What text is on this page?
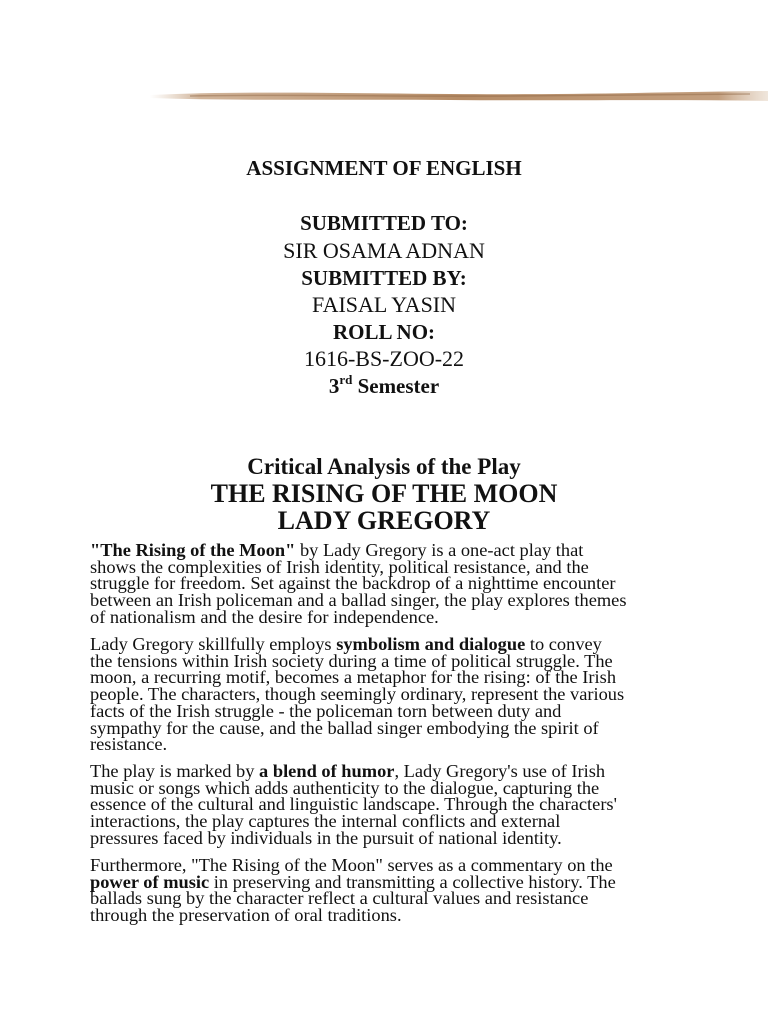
ASSIGNMENT OF ENGLISH
SUBMITTED TO:
SIR OSAMA ADNAN
SUBMITTED BY:
FAISAL YASIN
ROLL NO:
1616-BS-ZOO-22
3rd Semester
Critical Analysis of the Play
THE RISING OF THE MOON
LADY GREGORY
"The Rising of the Moon" by Lady Gregory is a one-act play that
shows the complexities of Irish identity, political resistance, and the
struggle for freedom. Set against the backdrop of a nighttime encounter
between an Irish policeman and a ballad singer, the play explores themes
of nationalism and the desire for independence.
Lady Gregory skillfully employs symbolism and dialogue to convey
the tensions within Irish society during a time of political struggle. The
moon, a recurring motif, becomes a metaphor for the rising: of the Irish
people. The characters, though seemingly ordinary, represent the various
facts of the Irish struggle - the policeman torn between duty and
sympathy for the cause, and the ballad singer embodying the spirit of
resistance.
The play is marked by a blend of humor, Lady Gregory's use of Irish
music or songs which adds authenticity to the dialogue, capturing the
essence of the cultural and linguistic landscape. Through the characters'
interactions, the play captures the internal conflicts and external
pressures faced by individuals in the pursuit of national identity.
Furthermore, "The Rising of the Moon" serves as a commentary on the
power of music in preserving and transmitting a collective history. The
ballads sung by the character reflect a cultural values and resistance
through the preservation of oral traditions.
